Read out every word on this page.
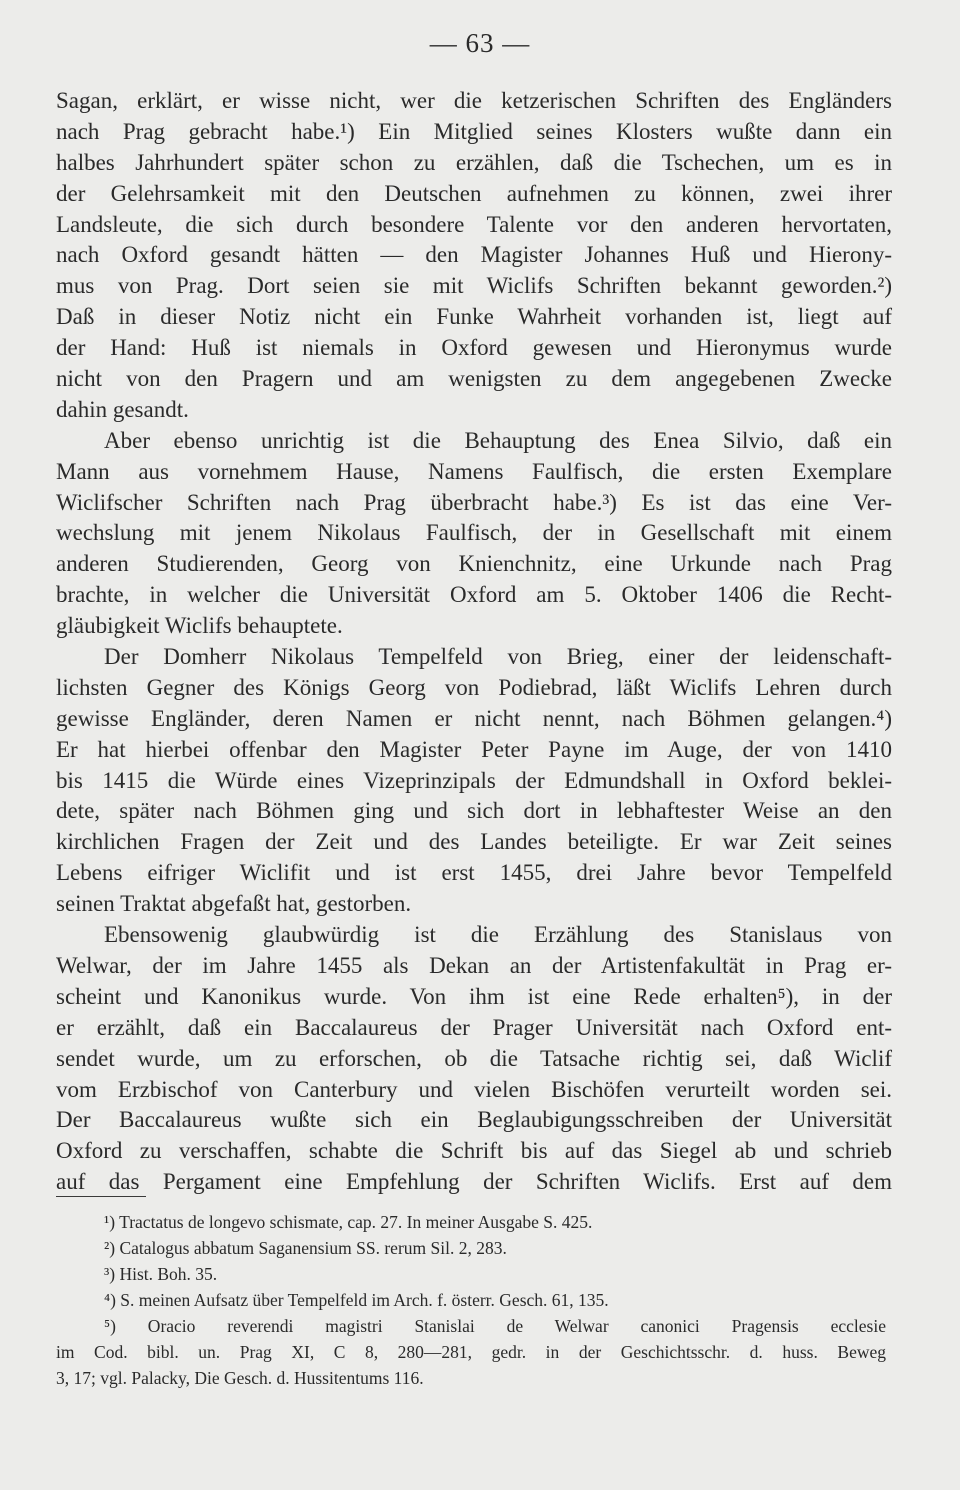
— 63 —
Sagan, erklärt, er wisse nicht, wer die ketzerischen Schriften des Engländers
nach Prag gebracht habe.¹) Ein Mitglied seines Klosters wußte dann ein
halbes Jahrhundert später schon zu erzählen, daß die Tschechen, um es in
der Gelehrsamkeit mit den Deutschen aufnehmen zu können, zwei ihrer
Landsleute, die sich durch besondere Talente vor den anderen hervortaten,
nach Oxford gesandt hätten — den Magister Johannes Huß und Hierony-
mus von Prag. Dort seien sie mit Wiclifs Schriften bekannt geworden.²)
Daß in dieser Notiz nicht ein Funke Wahrheit vorhanden ist, liegt auf
der Hand: Huß ist niemals in Oxford gewesen und Hieronymus wurde
nicht von den Pragern und am wenigsten zu dem angegebenen Zwecke
dahin gesandt.
Aber ebenso unrichtig ist die Behauptung des Enea Silvio, daß ein
Mann aus vornehmem Hause, Namens Faulfisch, die ersten Exemplare
Wiclifscher Schriften nach Prag überbracht habe.³) Es ist das eine Ver-
wechslung mit jenem Nikolaus Faulfisch, der in Gesellschaft mit einem
anderen Studierenden, Georg von Knienchnitz, eine Urkunde nach Prag
brachte, in welcher die Universität Oxford am 5. Oktober 1406 die Recht-
gläubigkeit Wiclifs behauptete.
Der Domherr Nikolaus Tempelfeld von Brieg, einer der leidenschaft-
lichsten Gegner des Königs Georg von Podiebrad, läßt Wiclifs Lehren durch
gewisse Engländer, deren Namen er nicht nennt, nach Böhmen gelangen.⁴)
Er hat hierbei offenbar den Magister Peter Payne im Auge, der von 1410
bis 1415 die Würde eines Vizeprinzipals der Edmundshall in Oxford beklei-
dete, später nach Böhmen ging und sich dort in lebhaftester Weise an den
kirchlichen Fragen der Zeit und des Landes beteiligte. Er war Zeit seines
Lebens eifriger Wiclifit und ist erst 1455, drei Jahre bevor Tempelfeld
seinen Traktat abgefaßt hat, gestorben.
Ebensowenig glaubwürdig ist die Erzählung des Stanislaus von
Welwar, der im Jahre 1455 als Dekan an der Artistenfakultät in Prag er-
scheint und Kanonikus wurde. Von ihm ist eine Rede erhalten⁵), in der
er erzählt, daß ein Baccalaureus der Prager Universität nach Oxford ent-
sendet wurde, um zu erforschen, ob die Tatsache richtig sei, daß Wiclif
vom Erzbischof von Canterbury und vielen Bischöfen verurteilt worden sei.
Der Baccalaureus wußte sich ein Beglaubigungsschreiben der Universität
Oxford zu verschaffen, schabte die Schrift bis auf das Siegel ab und schrieb
auf das Pergament eine Empfehlung der Schriften Wiclifs. Erst auf dem
¹) Tractatus de longevo schismate, cap. 27. In meiner Ausgabe S. 425.
²) Catalogus abbatum Saganensium SS. rerum Sil. 2, 283.
³) Hist. Boh. 35.
⁴) S. meinen Aufsatz über Tempelfeld im Arch. f. österr. Gesch. 61, 135.
⁵) Oracio reverendi magistri Stanislai de Welwar canonici Pragensis ecclesie
im Cod. bibl. un. Prag XI, C 8, 280—281, gedr. in der Geschichtsschr. d. huss. Beweg
3, 17; vgl. Palacky, Die Gesch. d. Hussitentums 116.
